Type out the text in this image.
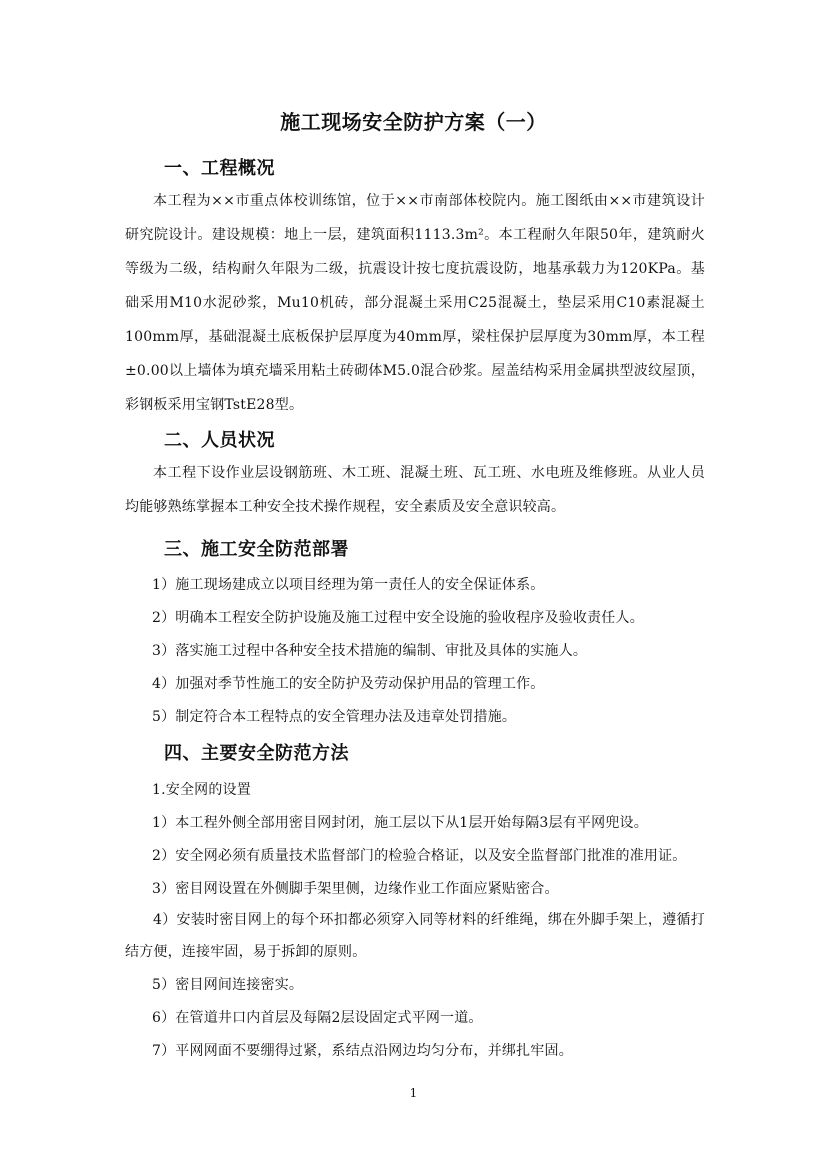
施工现场安全防护方案（一）
一、工程概况
本工程为××市重点体校训练馆，位于××市南部体校院内。施工图纸由××市建筑设计研究院设计。建设规模：地上一层，建筑面积1113.3m²。本工程耐久年限50年，建筑耐火等级为二级，结构耐久年限为二级，抗震设计按七度抗震设防，地基承载力为120KPa。基础采用M10水泥砂浆，Mu10机砖，部分混凝土采用C25混凝土，垫层采用C10素混凝土100mm厚，基础混凝土底板保护层厚度为40mm厚，梁柱保护层厚度为30mm厚，本工程±0.00以上墙体为填充墙采用粘土砖砌体M5.0混合砂浆。屋盖结构采用金属拱型波纹屋顶，彩钢板采用宝钢TstE28型。
二、人员状况
本工程下设作业层设钢筋班、木工班、混凝土班、瓦工班、水电班及维修班。从业人员均能够熟练掌握本工种安全技术操作规程，安全素质及安全意识较高。
三、施工安全防范部署
1）施工现场建成立以项目经理为第一责任人的安全保证体系。
2）明确本工程安全防护设施及施工过程中安全设施的验收程序及验收责任人。
3）落实施工过程中各种安全技术措施的编制、审批及具体的实施人。
4）加强对季节性施工的安全防护及劳动保护用品的管理工作。
5）制定符合本工程特点的安全管理办法及违章处罚措施。
四、主要安全防范方法
1.安全网的设置
1）本工程外侧全部用密目网封闭，施工层以下从1层开始每隔3层有平网兜设。
2）安全网必须有质量技术监督部门的检验合格证，以及安全监督部门批准的准用证。
3）密目网设置在外侧脚手架里侧，边缘作业工作面应紧贴密合。
4）安装时密目网上的每个环扣都必须穿入同等材料的纤维绳，绑在外脚手架上，遵循打结方便，连接牢固，易于拆卸的原则。
5）密目网间连接密实。
6）在管道井口内首层及每隔2层设固定式平网一道。
7）平网网面不要绷得过紧，系结点沿网边均匀分布，并绑扎牢固。
1
